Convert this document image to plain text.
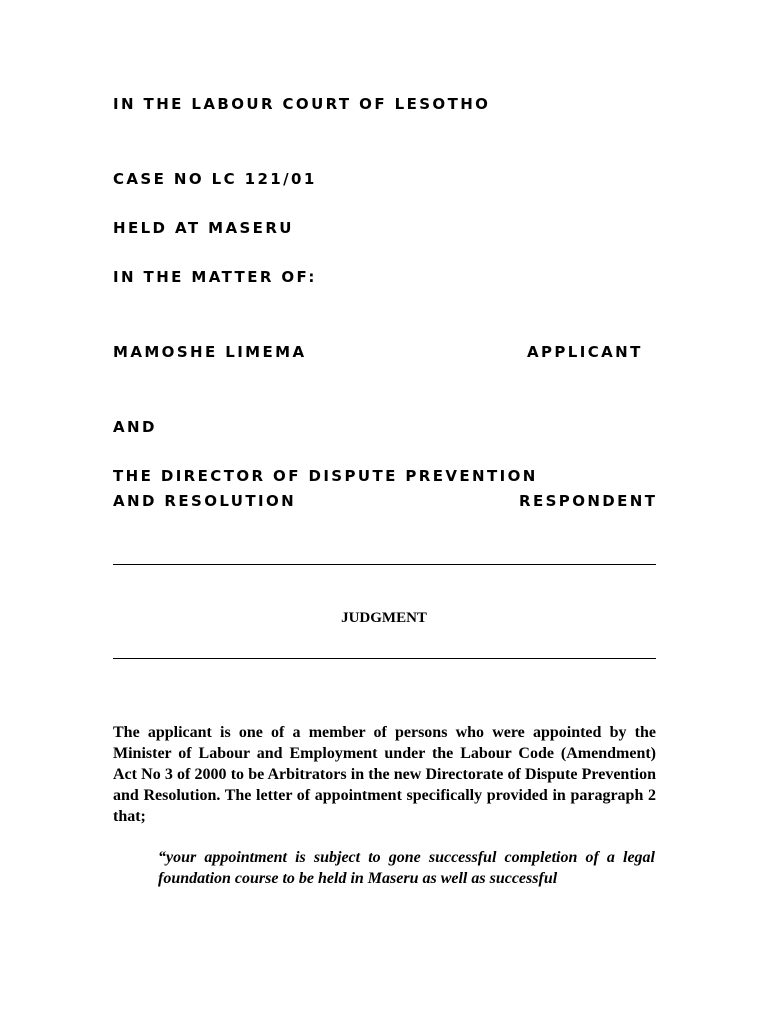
IN THE LABOUR COURT OF LESOTHO
CASE NO LC 121/01
HELD AT MASERU
IN THE MATTER OF:
MAMOSHE LIMEMA	APPLICANT
AND
THE DIRECTOR OF DISPUTE PREVENTION
AND RESOLUTION	RESPONDENT
JUDGMENT
The applicant is one of a member of persons who were appointed by the Minister of Labour and Employment under the Labour Code (Amendment) Act No 3 of 2000 to be Arbitrators in the new Directorate of Dispute Prevention and Resolution. The letter of appointment specifically provided in paragraph 2 that;
“your appointment is subject to gone successful completion of a legal foundation course to be held in Maseru as well as successful
